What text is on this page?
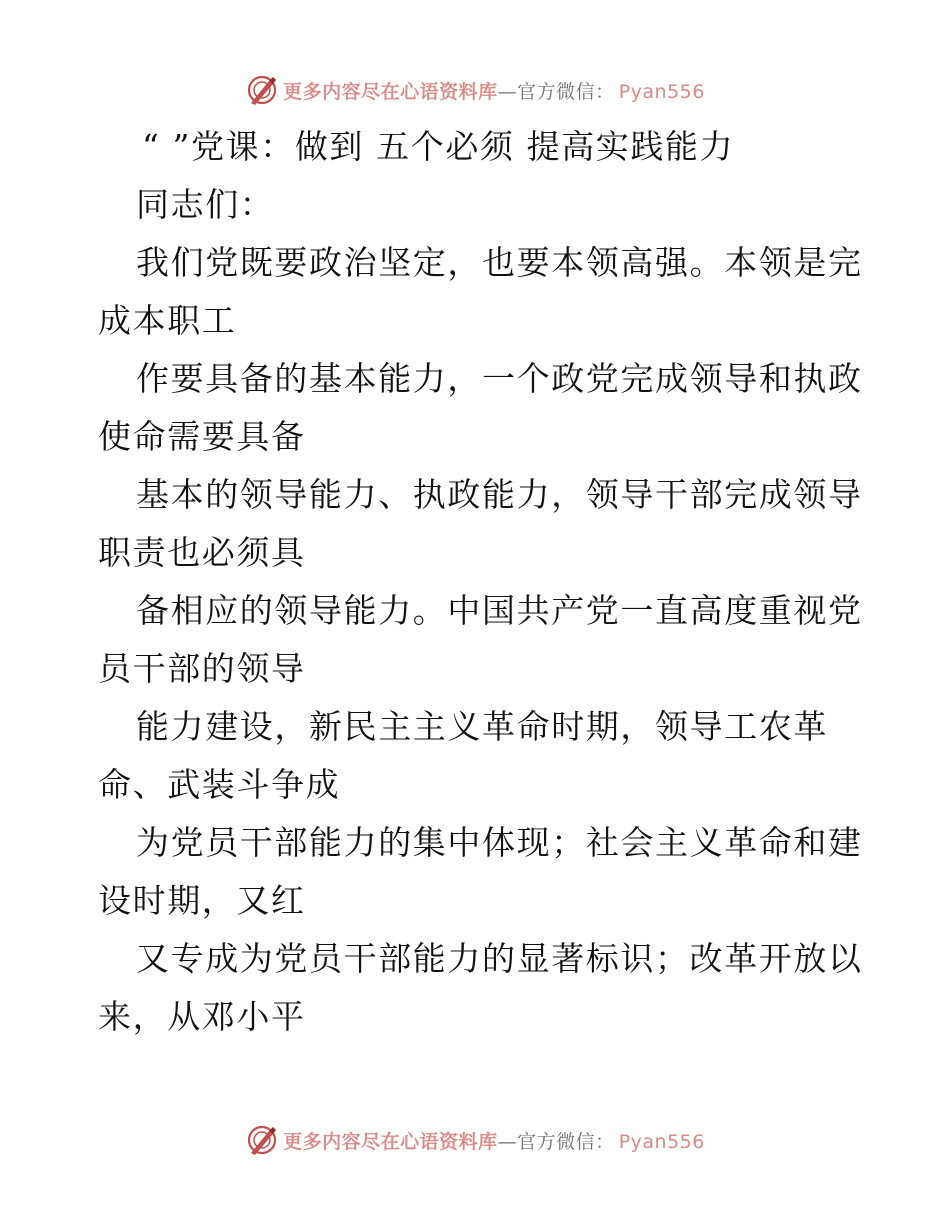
更多内容尽在心语资料库—官方微信： Pyan556
“ ”党课：做到 五个必须 提高实践能力
同志们：
我们党既要政治坚定，也要本领高强。本领是完
成本职工
作要具备的基本能力，一个政党完成领导和执政
使命需要具备
基本的领导能力、执政能力，领导干部完成领导
职责也必须具
备相应的领导能力。中国共产党一直高度重视党
员干部的领导
能力建设，新民主主义革命时期，领导工农革
命、武装斗争成
为党员干部能力的集中体现；社会主义革命和建
设时期，又红
又专成为党员干部能力的显著标识；改革开放以
来，从邓小平
更多内容尽在心语资料库—官方微信： Pyan556
